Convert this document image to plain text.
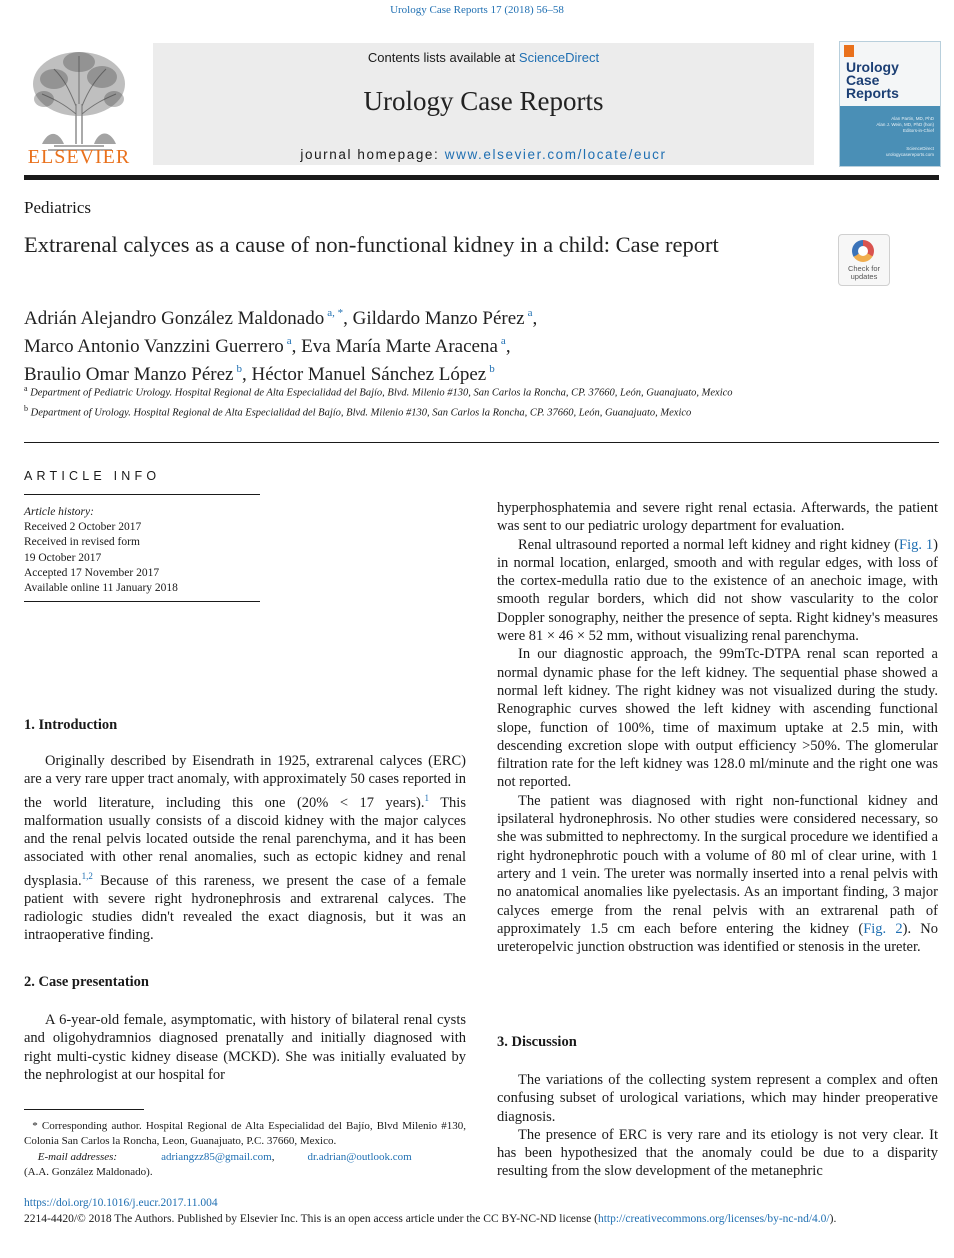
Urology Case Reports 17 (2018) 56–58
ELSEVIER
Contents lists available at ScienceDirect
Urology Case Reports
journal homepage: www.elsevier.com/locate/eucr
Urology
Case
Reports
Alan Partin, MD, PhD
Alan J. Wein, MD, PhD (hon)
Editors-in-Chief
ScienceDirect
urologycasereports.com
Pediatrics
Extrarenal calyces as a cause of non-functional kidney in a child: Case report
Check for
updates
Adrián Alejandro González Maldonado $^{a, *}$, Gildardo Manzo Pérez $^a$,
Marco Antonio Vanzzini Guerrero $^a$, Eva María Marte Aracena $^a$,
Braulio Omar Manzo Pérez $^b$, Héctor Manuel Sánchez López $^b$
$^a$ Department of Pediatric Urology. Hospital Regional de Alta Especialidad del Bajío, Blvd. Milenio #130, San Carlos la Roncha, CP. 37660, León, Guanajuato, Mexico
$^b$ Department of Urology. Hospital Regional de Alta Especialidad del Bajío, Blvd. Milenio #130, San Carlos la Roncha, CP. 37660, León, Guanajuato, Mexico
ARTICLE INFO
Article history:
Received 2 October 2017
Received in revised form
19 October 2017
Accepted 17 November 2017
Available online 11 January 2018
1. Introduction

Originally described by Eisendrath in 1925, extrarenal calyces (ERC) are a very rare upper tract anomaly, with approximately 50 cases reported in the world literature, including this one (20% < 17 years).$^1$ This malformation usually consists of a discoid kidney with the major calyces and the renal pelvis located outside the renal parenchyma, and it has been associated with other renal anomalies, such as ectopic kidney and renal dysplasia.$^{1,2}$ Because of this rareness, we present the case of a female patient with severe right hydronephrosis and extrarenal calyces. The radiologic studies didn't revealed the exact diagnosis, but it was an intraoperative finding.

2. Case presentation

A 6-year-old female, asymptomatic, with history of bilateral renal cysts and oligohydramnios diagnosed prenatally and initially diagnosed with right multi-cystic kidney disease (MCKD). She was initially evaluated by the nephrologist at our hospital for

* Corresponding author. Hospital Regional de Alta Especialidad del Bajío, Blvd Milenio #130, Colonia San Carlos la Roncha, Leon, Guanajuato, P.C. 37660, Mexico.
E-mail addresses:	adriangzz85@gmail.com,            dr.adrian@outlook.com
(A.A. González Maldonado).

hyperphosphatemia and severe right renal ectasia. Afterwards, the patient was sent to our pediatric urology department for evaluation.

Renal ultrasound reported a normal left kidney and right kidney (Fig. 1) in normal location, enlarged, smooth and with regular edges, with loss of the cortex-medulla ratio due to the existence of an anechoic image, with smooth regular borders, which did not show vascularity to the color Doppler sonography, neither the presence of septa. Right kidney's measures were 81 × 46 × 52 mm, without visualizing renal parenchyma.

In our diagnostic approach, the 99mTc-DTPA renal scan reported a normal dynamic phase for the left kidney. The sequential phase showed a normal left kidney. The right kidney was not visualized during the study. Renographic curves showed the left kidney with ascending functional slope, function of 100%, time of maximum uptake at 2.5 min, with descending excretion slope with output efficiency >50%. The glomerular filtration rate for the left kidney was 128.0 ml/minute and the right one was not reported.

The patient was diagnosed with right non-functional kidney and ipsilateral hydronephrosis. No other studies were considered necessary, so she was submitted to nephrectomy. In the surgical procedure we identified a right hydronephrotic pouch with a volume of 80 ml of clear urine, with 1 artery and 1 vein. The ureter was normally inserted into a renal pelvis with no anatomical anomalies like pyelectasis. As an important finding, 3 major calyces emerge from the renal pelvis with an extrarenal path of approximately 1.5 cm each before entering the kidney (Fig. 2). No ureteropelvic junction obstruction was identified or stenosis in the ureter.

3. Discussion

The variations of the collecting system represent a complex and often confusing subset of urological variations, which may hinder preoperative diagnosis.

The presence of ERC is very rare and its etiology is not very clear. It has been hypothesized that the anomaly could be due to a disparity resulting from the slow development of the metanephric

https://doi.org/10.1016/j.eucr.2017.11.004
2214-4420/© 2018 The Authors. Published by Elsevier Inc. This is an open access article under the CC BY-NC-ND license (http://creativecommons.org/licenses/by-nc-nd/4.0/).
